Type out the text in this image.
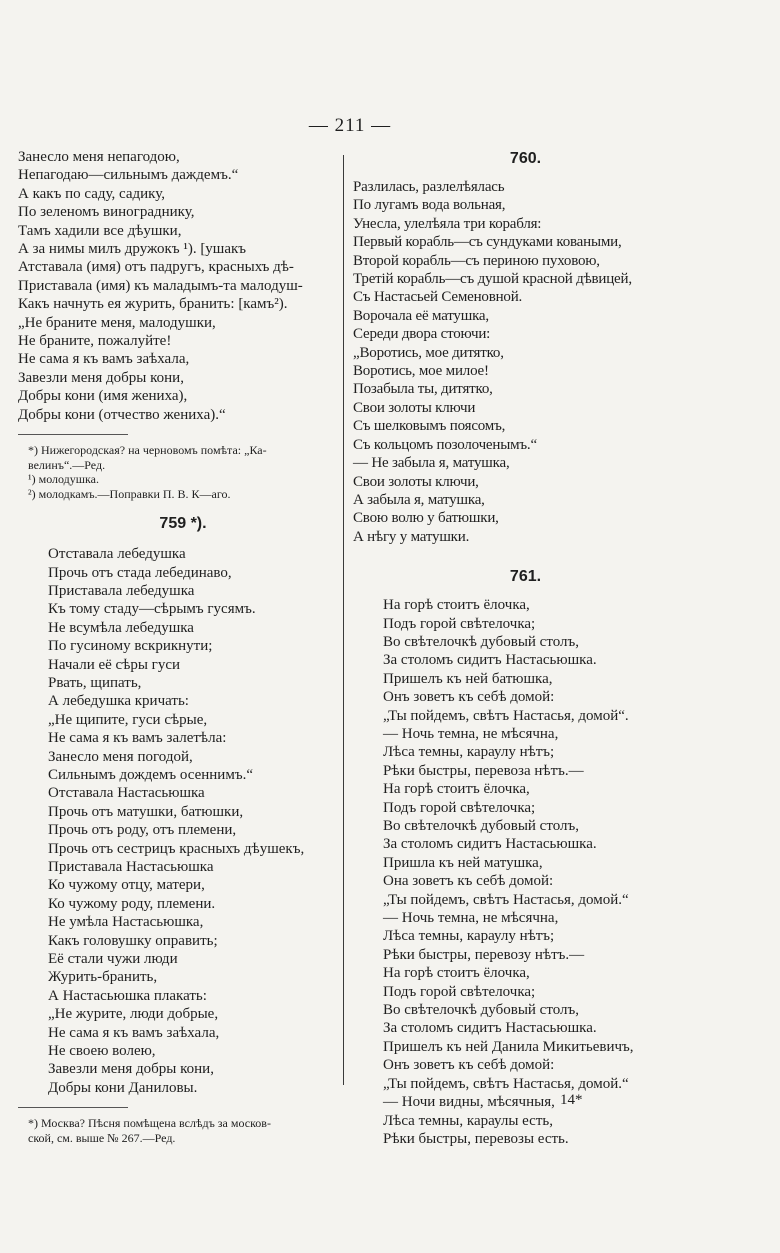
— 211 —
Занесло меня непагодою,
Непагодаю—сильнымъ даждемъ.“
А какъ по саду, садику,
По зеленомъ винограднику,
Тамъ хадили все дѣушки,
А за нимы милъ дружокъ ¹). [ушакъ
Атставала (имя) отъ падругъ, красныхъ дѣ-
Приставала (имя) къ маладымъ-та малодуш-
Какъ начнуть ея журить, бранить: [камъ²).
„Не браните меня, малодушки,
Не браните, пожалуйте!
Не сама я къ вамъ заѣхала,
Завезли меня добры кони,
Добры кони (имя жениха),
Добры кони (отчество жениха).“
*) Нижегородская? на черновомъ помѣта: „Ка-
велинъ“.—Ред.
¹) молодушка.
²) молодкамъ.—Поправки П. В. К—аго.
759 *).
Отставала лебедушка
Прочь отъ стада лебединаво,
Приставала лебедушка
Къ тому стаду—сѣрымъ гусямъ.
Не всумѣла лебедушка
По гусиному вскрикнути;
Начали её сѣры гуси
Рвать, щипать,
А лебедушка кричать:
„Не щипите, гуси сѣрые,
Не сама я къ вамъ залетѣла:
Занесло меня погодой,
Сильнымъ дождемъ осеннимъ.“
Отставала Настасьюшка
Прочь отъ матушки, батюшки,
Прочь отъ роду, отъ племени,
Прочь отъ сестрицъ красныхъ дѣушекъ,
Приставала Настасьюшка
Ко чужому отцу, матери,
Ко чужому роду, племени.
Не умѣла Настасьюшка,
Какъ головушку оправить;
Её стали чужи люди
Журить-бранить,
А Настасьюшка плакать:
„Не журите, люди добрые,
Не сама я къ вамъ заѣхала,
Не своею волею,
Завезли меня добры кони,
Добры кони Даниловы.
*) Москва? Пѣсня помѣщена вслѣдъ за москов-
ской, см. выше № 267.—Ред.
760.
Разлилась, разлелѣялась
По лугамъ вода вольная,
Унесла, улелѣяла три корабля:
Первый корабль—съ сундуками коваными,
Второй корабль—съ периною пуховою,
Третій корабль—съ душой красной дѣвицей,
Съ Настасьей Семеновной.
Ворочала её матушка,
Середи двора стоючи:
„Воротись, мое дитятко,
Воротись, мое милое!
Позабыла ты, дитятко,
Свои золоты ключи
Съ шелковымъ поясомъ,
Съ кольцомъ позолоченымъ.“
— Не забыла я, матушка,
Свои золоты ключи,
А забыла я, матушка,
Свою волю у батюшки,
А нѣгу у матушки.
761.
На горѣ стоитъ ёлочка,
Подъ горой свѣтелочка;
Во свѣтелочкѣ дубовый столъ,
За столомъ сидитъ Настасьюшка.
Пришелъ къ ней батюшка,
Онъ зоветъ къ себѣ домой:
„Ты пойдемъ, свѣтъ Настасья, домой“.
— Ночь темна, не мѣсячна,
Лѣса темны, караулу нѣтъ;
Рѣки быстры, перевоза нѣтъ.—
На горѣ стоитъ ёлочка,
Подъ горой свѣтелочка;
Во свѣтелочкѣ дубовый столъ,
За столомъ сидитъ Настасьюшка.
Пришла къ ней матушка,
Она зоветъ къ себѣ домой:
„Ты пойдемъ, свѣтъ Настасья, домой.“
— Ночь темна, не мѣсячна,
Лѣса темны, караулу нѣтъ;
Рѣки быстры, перевозу нѣтъ.—
На горѣ стоитъ ёлочка,
Подъ горой свѣтелочка;
Во свѣтелочкѣ дубовый столъ,
За столомъ сидитъ Настасьюшка.
Пришелъ къ ней Данила Микитьевичъ,
Онъ зоветъ къ себѣ домой:
„Ты пойдемъ, свѣтъ Настасья, домой.“
— Ночи видны, мѣсячныя,
Лѣса темны, караулы есть,
Рѣки быстры, перевозы есть.
14*
